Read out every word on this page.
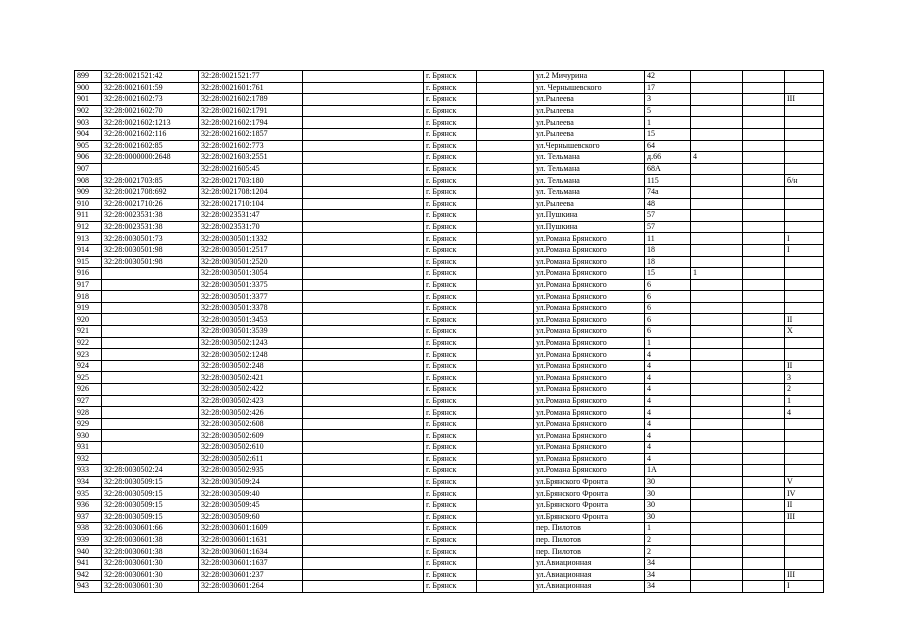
899	32:28:0021521:42	32:28:0021521:77		г. Брянск		ул.2 Мичурина	42			
900	32:28:0021601:59	32:28:0021601:761		г. Брянск		ул. Чернышевского	17			
901	32:28:0021602:73	32:28:0021602:1789		г. Брянск		ул.Рылеева	3			III
902	32:28:0021602:70	32:28:0021602:1791		г. Брянск		ул.Рылеева	5			
903	32:28:0021602:1213	32:28:0021602:1794		г. Брянск		ул.Рылеева	1			
904	32:28:0021602:116	32:28:0021602:1857		г. Брянск		ул.Рылеева	15			
905	32:28:0021602:85	32:28:0021602:773		г. Брянск		ул.Чернышевского	64			
906	32:28:0000000:2648	32:28:0021603:2551		г. Брянск		ул. Тельмана	д.66	4		
907		32:28:0021605:45		г. Брянск		ул. Тельмана	68А			
908	32:28:0021703:85	32:28:0021703:180		г. Брянск		ул. Тельмана	115			б/н
909	32:28:0021708:692	32:28:0021708:1204		г. Брянск		ул. Тельмана	74а			
910	32:28:0021710:26	32:28:0021710:104		г. Брянск		ул.Рылеева	48			
911	32:28:0023531:38	32:28:0023531:47		г. Брянск		ул.Пушкина	57			
912	32:28:0023531:38	32:28:0023531:70		г. Брянск		ул.Пушкина	57			
913	32:28:0030501:73	32:28:0030501:1332		г. Брянск		ул.Романа Брянского	11			I
914	32:28:0030501:98	32:28:0030501:2517		г. Брянск		ул.Романа Брянского	18			I
915	32:28:0030501:98	32:28:0030501:2520		г. Брянск		ул.Романа Брянского	18			
916		32:28:0030501:3054		г. Брянск		ул.Романа Брянского	15	1		
917		32:28:0030501:3375		г. Брянск		ул.Романа Брянского	6			
918		32:28:0030501:3377		г. Брянск		ул.Романа Брянского	6			
919		32:28:0030501:3378		г. Брянск		ул.Романа Брянского	6			
920		32:28:0030501:3453		г. Брянск		ул.Романа Брянского	6			II
921		32:28:0030501:3539		г. Брянск		ул.Романа Брянского	6			X
922		32:28:0030502:1243		г. Брянск		ул.Романа Брянского	1			
923		32:28:0030502:1248		г. Брянск		ул.Романа Брянского	4			
924		32:28:0030502:248		г. Брянск		ул.Романа Брянского	4			II
925		32:28:0030502:421		г. Брянск		ул.Романа Брянского	4			3
926		32:28:0030502:422		г. Брянск		ул.Романа Брянского	4			2
927		32:28:0030502:423		г. Брянск		ул.Романа Брянского	4			1
928		32:28:0030502:426		г. Брянск		ул.Романа Брянского	4			4
929		32:28:0030502:608		г. Брянск		ул.Романа Брянского	4			
930		32:28:0030502:609		г. Брянск		ул.Романа Брянского	4			
931		32:28:0030502:610		г. Брянск		ул.Романа Брянского	4			
932		32:28:0030502:611		г. Брянск		ул.Романа Брянского	4			
933	32:28:0030502:24	32:28:0030502:935		г. Брянск		ул.Романа Брянского	1А			
934	32:28:0030509:15	32:28:0030509:24		г. Брянск		ул.Брянского Фронта	30			V
935	32:28:0030509:15	32:28:0030509:40		г. Брянск		ул.Брянского Фронта	30			IV
936	32:28:0030509:15	32:28:0030509:45		г. Брянск		ул.Брянского Фронта	30			II
937	32:28:0030509:15	32:28:0030509:60		г. Брянск		ул.Брянского Фронта	30			III
938	32:28:0030601:66	32:28:0030601:1609		г. Брянск		пер. Пилотов	1			
939	32:28:0030601:38	32:28:0030601:1631		г. Брянск		пер. Пилотов	2			
940	32:28:0030601:38	32:28:0030601:1634		г. Брянск		пер. Пилотов	2			
941	32:28:0030601:30	32:28:0030601:1637		г. Брянск		ул.Авиационная	34			
942	32:28:0030601:30	32:28:0030601:237		г. Брянск		ул.Авиационная	34			III
943	32:28:0030601:30	32:28:0030601:264		г. Брянск		ул.Авиационная	34			I
